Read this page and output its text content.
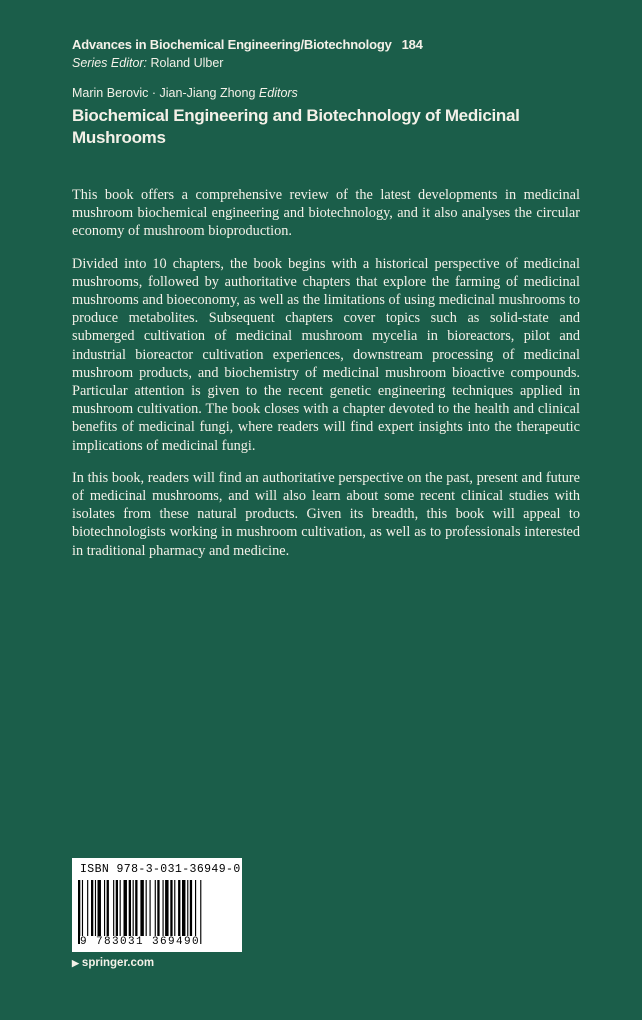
Advances in Biochemical Engineering/Biotechnology 184
Series Editor: Roland Ulber
Marin Berovic · Jian-Jiang Zhong Editors
Biochemical Engineering and Biotechnology of Medicinal Mushrooms

This book offers a comprehensive review of the latest developments in medicinal mushroom biochemical engineering and biotechnology, and it also analyses the circular economy of mushroom bioproduction.

Divided into 10 chapters, the book begins with a historical perspective of medicinal mushrooms, followed by authoritative chapters that explore the farming of medicinal mushrooms and bioeconomy, as well as the limitations of using medicinal mushrooms to produce metabolites. Subsequent chapters cover topics such as solid-state and submerged cultivation of medicinal mushroom mycelia in bioreactors, pilot and industrial bioreactor cultivation experiences, downstream processing of medicinal mushroom products, and biochemistry of medicinal mushroom bioactive compounds. Particular attention is given to the recent genetic engineering techniques applied in mushroom cultivation. The book closes with a chapter devoted to the health and clinical benefits of medicinal fungi, where readers will find expert insights into the therapeutic implications of medicinal fungi.

In this book, readers will find an authoritative perspective on the past, present and future of medicinal mushrooms, and will also learn about some recent clinical studies with isolates from these natural products. Given its breadth, this book will appeal to biotechnologists working in mushroom cultivation, as well as to professionals interested in traditional pharmacy and medicine.

ISBN 978-3-031-36949-0
9 783031 369490
▶ springer.com
